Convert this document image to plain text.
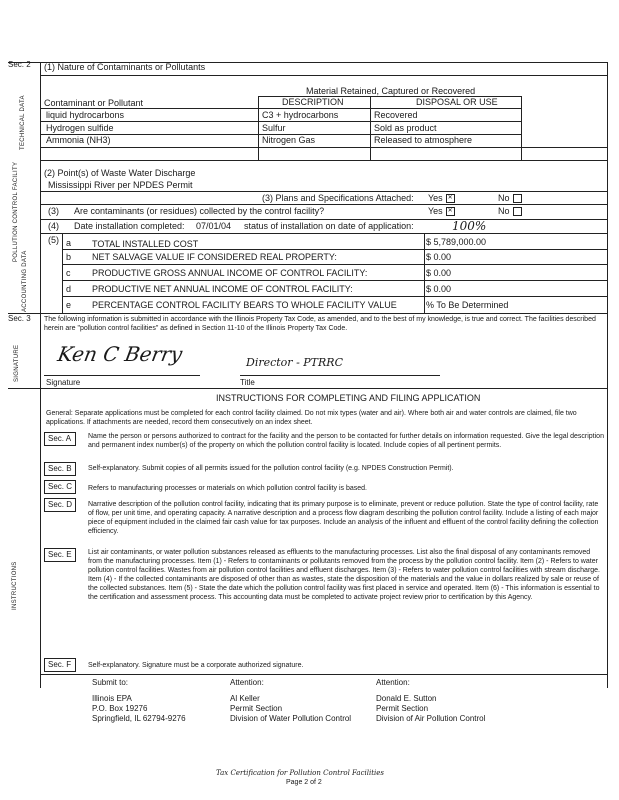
Sec. 2 (1) Nature of Contaminants or Pollutants
Material Retained, Captured or Recovered
Contaminant or Pollutant	DESCRIPTION	DISPOSAL OR USE
liquid hydrocarbons	C3 + hydrocarbons	Recovered
Hydrogen sulfide	Sulfur	Sold as product
Ammonia (NH3)	Nitrogen Gas	Released to atmosphere
(2) Point(s) of Waste Water Discharge
Mississippi River per NPDES Permit
(3) Plans and Specifications Attached: Yes ✕	No
(3) Are contaminants (or residues) collected by the control facility?	Yes ✕	No
(4) Date installation completed: 07/01/04 status of installation on date of application:	100%
(5) a TOTAL INSTALLED COST	$ 5,789,000.00
b NET SALVAGE VALUE IF CONSIDERED REAL PROPERTY:	$ 0.00
c PRODUCTIVE GROSS ANNUAL INCOME OF CONTROL FACILITY:	$ 0.00
d PRODUCTIVE NET ANNUAL INCOME OF CONTROL FACILITY:	$ 0.00
e PERCENTAGE CONTROL FACILITY BEARS TO WHOLE FACILITY VALUE	% To Be Determined
TECHNICAL DATA
POLLUTION CONTROL FACILITY
ACCOUNTING DATA
Sec. 3 The following information is submitted in accordance with the Illinois Property Tax Code, as amended, and to the best of my knowledge, is true and correct. The facilities described herein are "pollution control facilities" as defined in Section 11-10 of the Illinois Property Tax Code.
Ken C Berry	Director - PTRRC
Signature	Title
SIGNATURE
INSTRUCTIONS FOR COMPLETING AND FILING APPLICATION
General: Separate applications must be completed for each control facility claimed. Do not mix types (water and air). Where both air and water controls are claimed, file two applications. If attachments are needed, record them consecutively on an index sheet.
Sec. A Name the person or persons authorized to contract for the facility and the person to be contacted for further details on information requested. Give the legal description and permanent index number(s) of the property on which the pollution control facility is located. Include copies of all pertinent permits.
Sec. B Self-explanatory. Submit copies of all permits issued for the pollution control facility (e.g. NPDES Construction Permit).
Sec. C Refers to manufacturing processes or materials on which pollution control facility is based.
Sec. D Narrative description of the pollution control facility, indicating that its primary purpose is to eliminate, prevent or reduce pollution. State the type of control facility, rate of flow, per unit time, and operating capacity. A narrative description and a process flow diagram describing the pollution control facility. Include a listing of each major piece of equipment included in the claimed fair cash value for tax purposes. Include an analysis of the influent and effluent of the control facility defining the collection efficiency.
Sec. E List air contaminants, or water pollution substances released as effluents to the manufacturing processes. List also the final disposal of any contaminants removed from the manufacturing processes. Item (1) - Refers to contaminants or pollutants removed from the process by the pollution control facility. Item (2) - Refers to water pollution control facilities. Wastes from air pollution control facilities and effluent discharges. Item (3) - Refers to water pollution control facilities with stream discharge. Item (4) - If the collected contaminants are disposed of other than as wastes, state the disposition of the materials and the value in dollars realized by sale or reuse of the collected substances. Item (5) - State the date which the pollution control facility was first placed in service and operated. Item (6) - This information is essential to the certification and assessment process. This accounting data must be completed to activate project review prior to certification by this Agency.
Sec. F Self-explanatory. Signature must be a corporate authorized signature.
INSTRUCTIONS
Submit to:	Attention:	Attention:
Illinois EPA
P.O. Box 19276
Springfield, IL 62794-9276
Al Keller
Permit Section
Division of Water Pollution Control
Donald E. Sutton
Permit Section
Division of Air Pollution Control
Tax Certification for Pollution Control Facilities
Page 2 of 2
